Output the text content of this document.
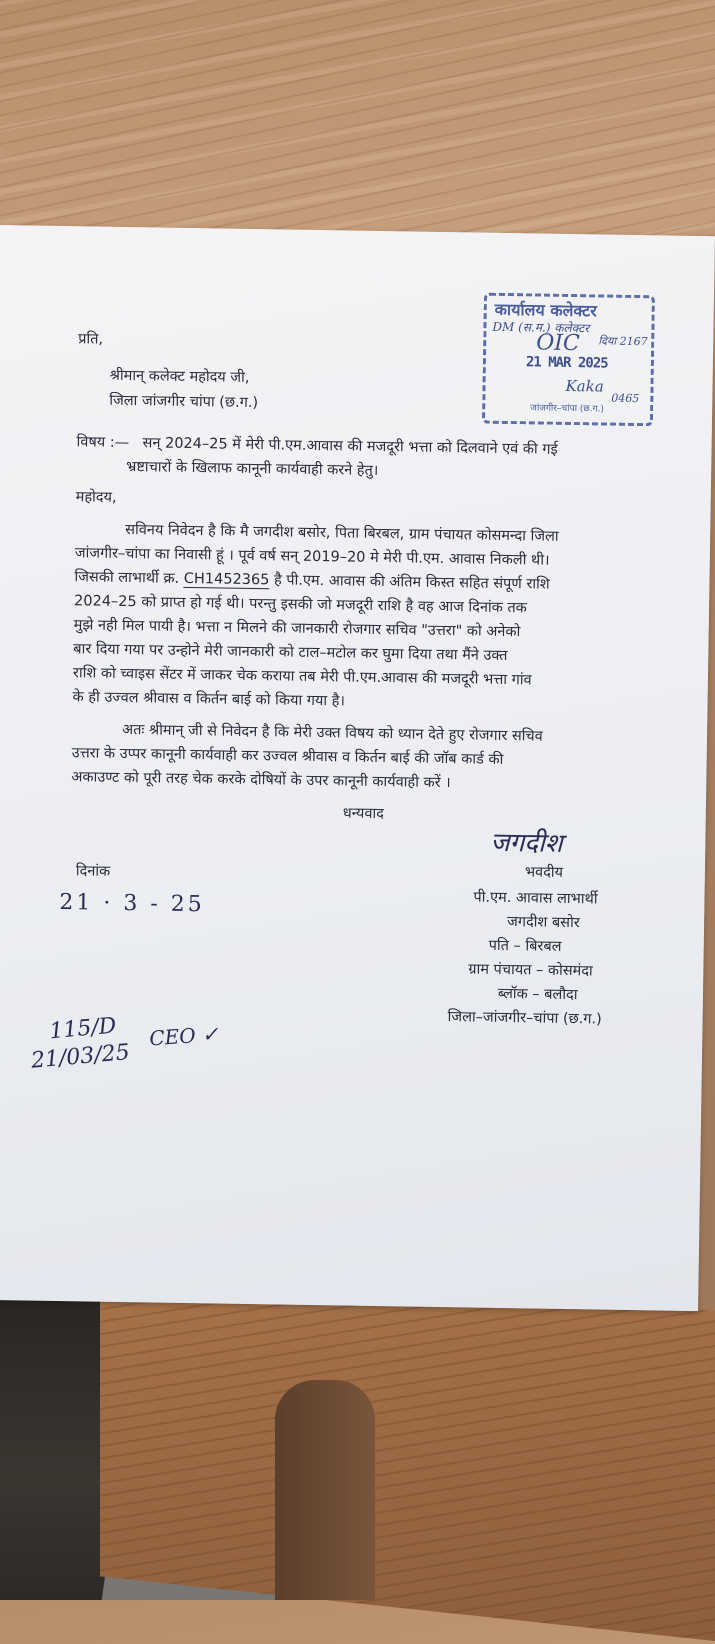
कार्यालय कलेक्टर
DM (स.म.) कलेक्टर
OIC दिया 2167
21 MAR 2025
Kaka
0465
जांजगीर–चांपा (छ.ग.)
प्रति,
श्रीमान् कलेक्ट महोदय जी,
जिला जांजगीर चांपा (छ.ग.)
विषय :— सन् 2024–25 में मेरी पी.एम.आवास की मजदूरी भत्ता को दिलवाने एवं की गई
भ्रष्टाचारों के खिलाफ कानूनी कार्यवाही करने हेतु।
महोदय,
सविनय निवेदन है कि मै जगदीश बसोर, पिता बिरबल, ग्राम पंचायत कोसमन्दा जिला
जांजगीर–चांपा का निवासी हूं । पूर्व वर्ष सन् 2019–20 मे मेरी पी.एम. आवास निकली थी।
जिसकी लाभार्थी क्र. CH1452365 है पी.एम. आवास की अंतिम किस्त सहित संपूर्ण राशि
2024–25 को प्राप्त हो गई थी। परन्तु इसकी जो मजदूरी राशि है वह आज दिनांक तक
मुझे नही मिल पायी है। भत्ता न मिलने की जानकारी रोजगार सचिव "उत्तरा" को अनेको
बार दिया गया पर उन्होने मेरी जानकारी को टाल–मटोल कर घुमा दिया तथा मैंने उक्त
राशि को च्वाइस सेंटर में जाकर चेक कराया तब मेरी पी.एम.आवास की मजदूरी भत्ता गांव
के ही उज्वल श्रीवास व किर्तन बाई को किया गया है।
अतः श्रीमान् जी से निवेदन है कि मेरी उक्त विषय को ध्यान देते हुए रोजगार सचिव
उत्तरा के उप्पर कानूनी कार्यवाही कर उज्वल श्रीवास व किर्तन बाई की जॉब कार्ड की
अकाउण्ट को पूरी तरह चेक करके दोषियों के उपर कानूनी कार्यवाही करें ।
धन्यवाद
जगदीश
भवदीय
दिनांक
21 · 3 - 25	पी.एम. आवास लाभार्थी
जगदीश बसोर
पति – बिरबल
ग्राम पंचायत – कोसमंदा
ब्लॉक – बलौदा
जिला–जांजगीर–चांपा (छ.ग.)
115/D
21/03/25
CEO ✓
